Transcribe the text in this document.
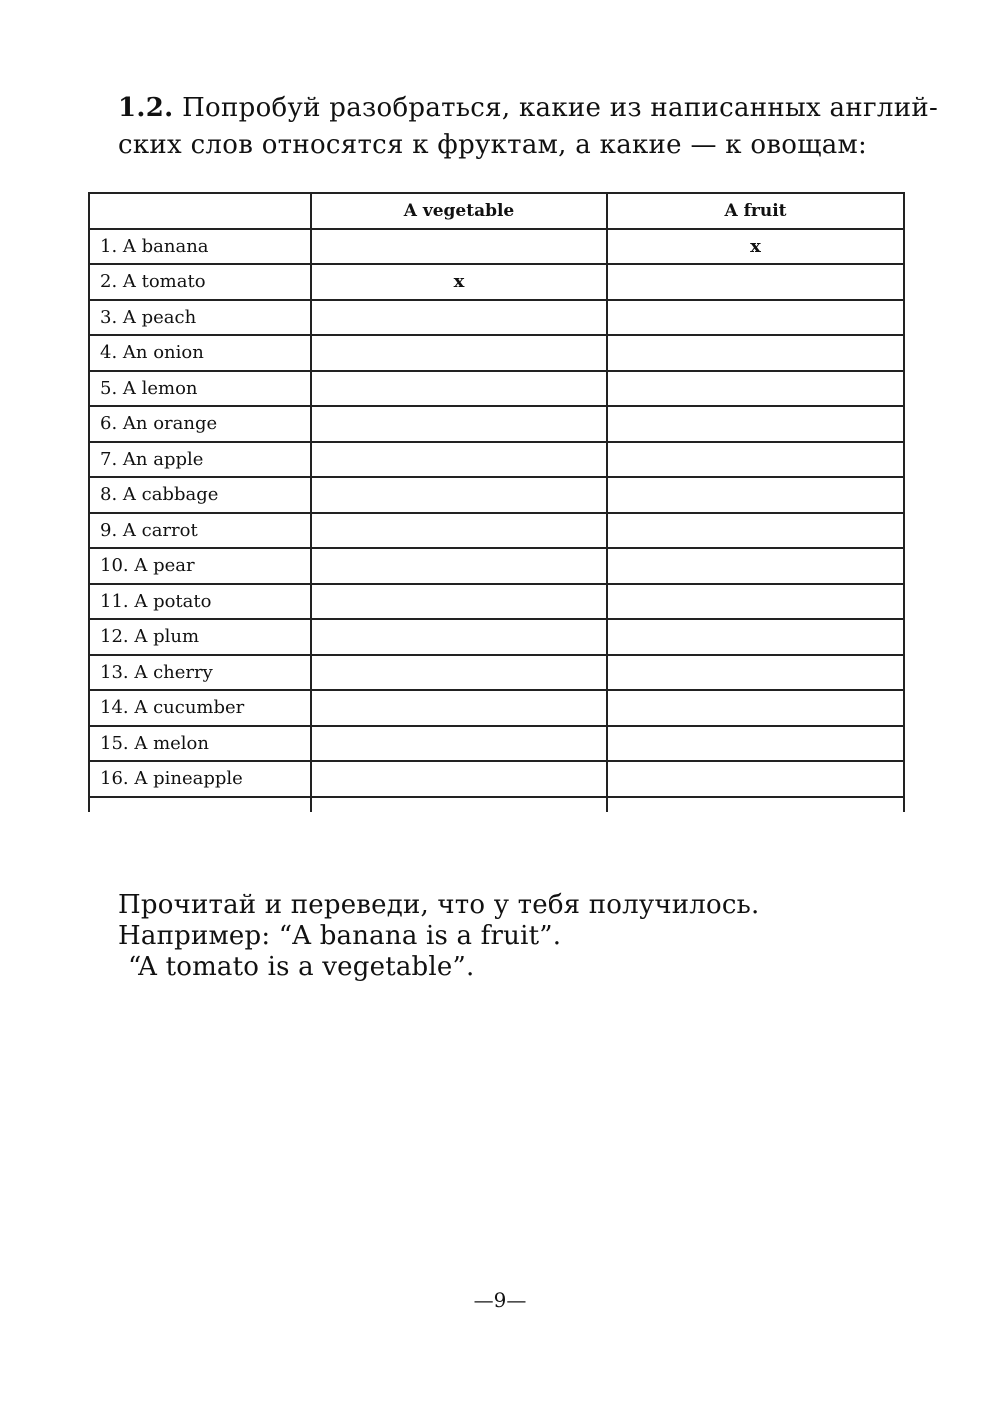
1.2. Попробуй разобраться, какие из написанных англий-
ских слов относятся к фруктам, а какие — к овощам:
	A vegetable	A fruit
1. A banana		x
2. A tomato	x	
3. A peach		
4. An onion		
5. A lemon		
6. An orange		
7. An apple		
8. A cabbage		
9. A carrot		
10. A pear		
11. A potato		
12. A plum		
13. A cherry		
14. A cucumber		
15. A melon		
16. A pineapple		

Прочитай и переведи, что у тебя получилось.
Например: “A banana is a fruit”.
“A tomato is a vegetable”.
—9—
